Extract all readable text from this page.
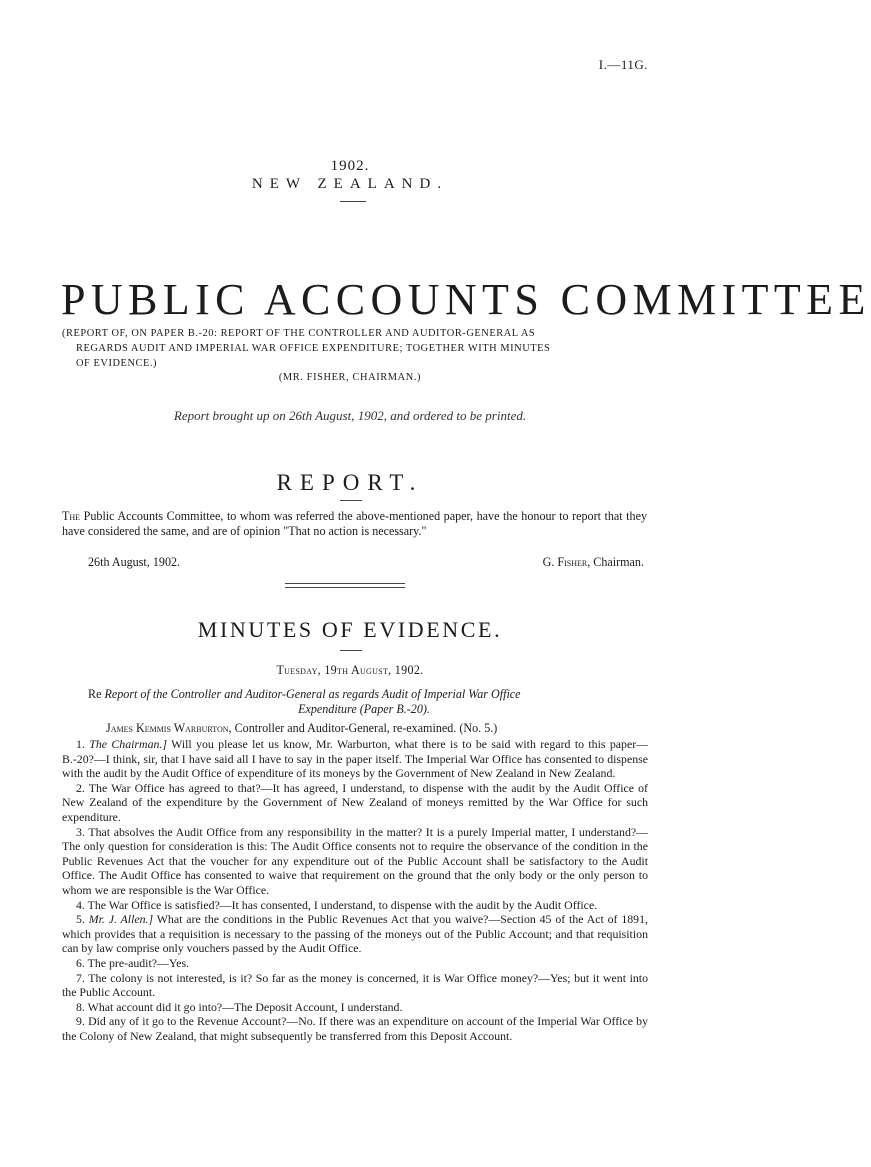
I.—11G.
1902.
NEW ZEALAND.
PUBLIC ACCOUNTS COMMITTEE
(REPORT OF, ON PAPER B.-20: REPORT OF THE CONTROLLER AND AUDITOR-GENERAL AS
REGARDS AUDIT AND IMPERIAL WAR OFFICE EXPENDITURE; TOGETHER WITH MINUTES
OF EVIDENCE.)
(MR. FISHER, CHAIRMAN.)
Report brought up on 26th August, 1902, and ordered to be printed.
REPORT.
The Public Accounts Committee, to whom was referred the above-mentioned paper, have the honour to report that they have considered the same, and are of opinion "That no action is necessary."
26th August, 1902.	G. Fisher, Chairman.
MINUTES OF EVIDENCE.
Tuesday, 19th August, 1902.
Re Report of the Controller and Auditor-General as regards Audit of Imperial War Office
Expenditure (Paper B.-20).
James Kemmis Warburton, Controller and Auditor-General, re-examined. (No. 5.)

1. The Chairman.] Will you please let us know, Mr. Warburton, what there is to be said with regard to this paper—B.-20?—I think, sir, that I have said all I have to say in the paper itself. The Imperial War Office has consented to dispense with the audit by the Audit Office of expenditure of its moneys by the Government of New Zealand in New Zealand.

2. The War Office has agreed to that?—It has agreed, I understand, to dispense with the audit by the Audit Office of New Zealand of the expenditure by the Government of New Zealand of moneys remitted by the War Office for such expenditure.

3. That absolves the Audit Office from any responsibility in the matter? It is a purely Imperial matter, I understand?—The only question for consideration is this: The Audit Office consents not to require the observance of the condition in the Public Revenues Act that the voucher for any expenditure out of the Public Account shall be satisfactory to the Audit Office. The Audit Office has consented to waive that requirement on the ground that the only body or the only person to whom we are responsible is the War Office.

4. The War Office is satisfied?—It has consented, I understand, to dispense with the audit by the Audit Office.

5. Mr. J. Allen.] What are the conditions in the Public Revenues Act that you waive?—Section 45 of the Act of 1891, which provides that a requisition is necessary to the passing of the moneys out of the Public Account; and that requisition can by law comprise only vouchers passed by the Audit Office.

6. The pre-audit?—Yes.

7. The colony is not interested, is it? So far as the money is concerned, it is War Office money?—Yes; but it went into the Public Account.

8. What account did it go into?—The Deposit Account, I understand.

9. Did any of it go to the Revenue Account?—No. If there was an expenditure on account of the Imperial War Office by the Colony of New Zealand, that might subsequently be transferred from this Deposit Account.
